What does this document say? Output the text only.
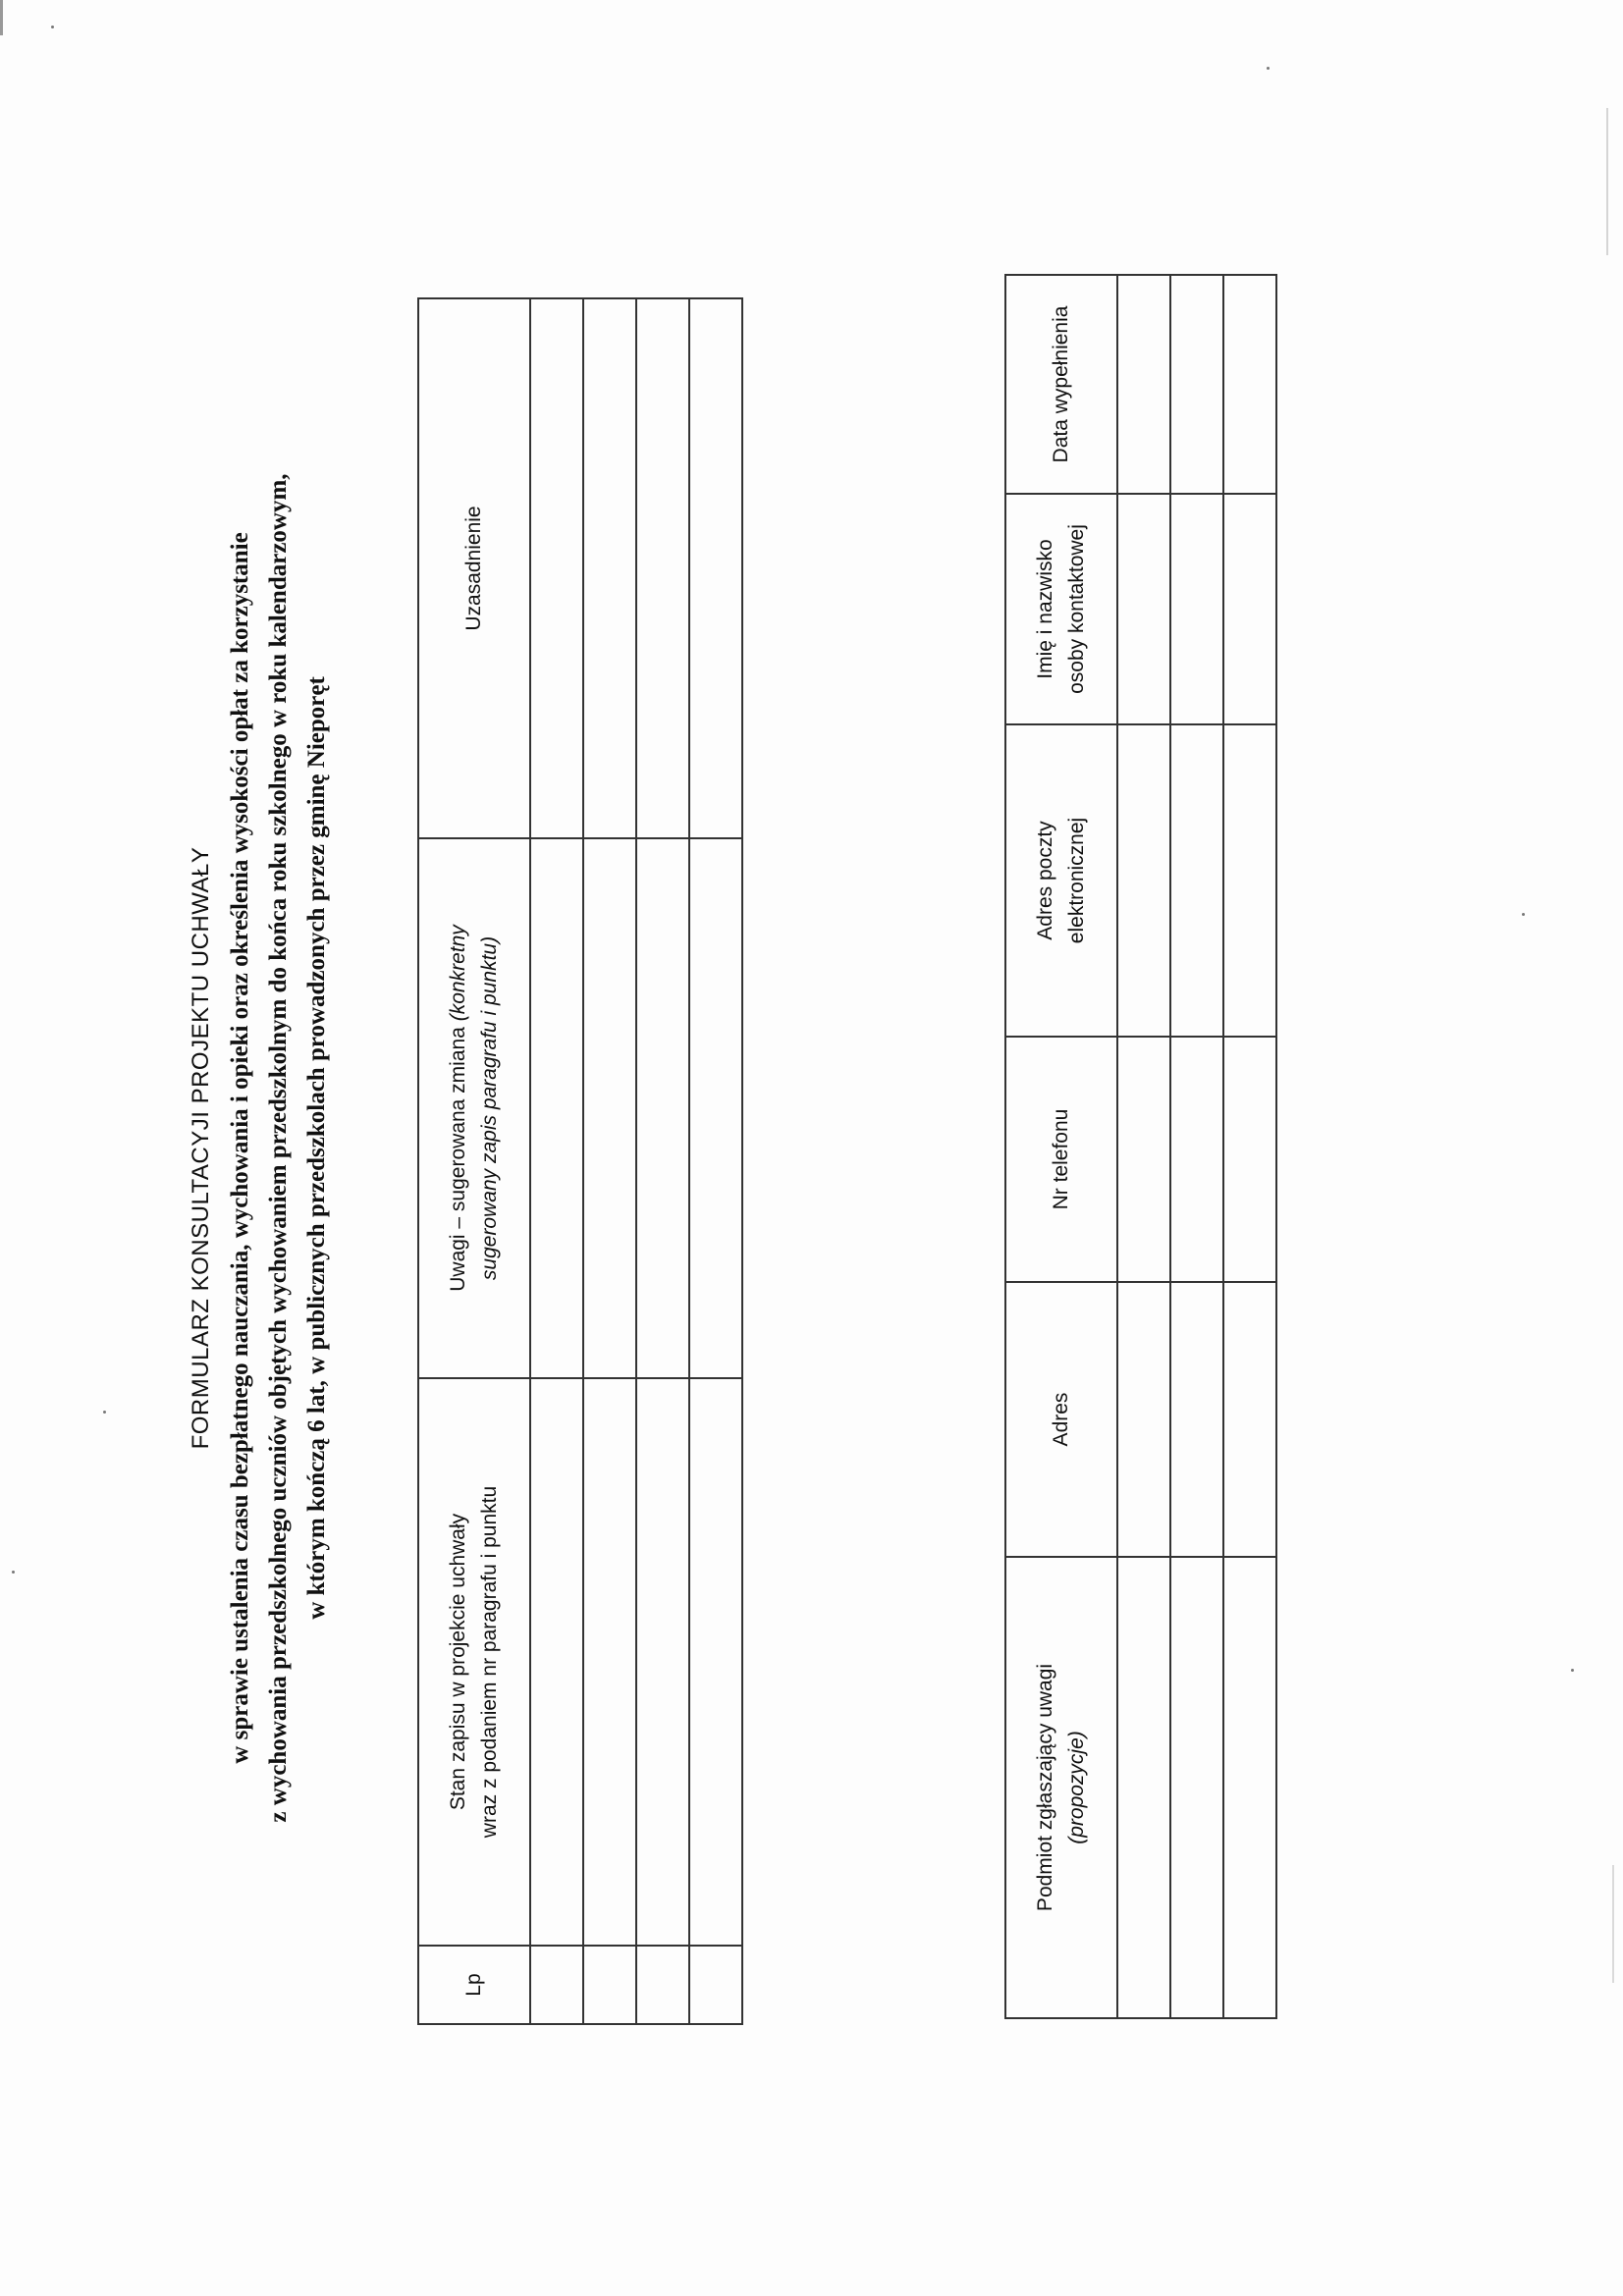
FORMULARZ KONSULTACYJI PROJEKTU UCHWAŁY w sprawie ustalenia czasu bezpłatnego nauczania, wychowania i opieki oraz określenia wysokości opłat za korzystanie z wychowania przedszkolnego uczniów objętych wychowaniem przedszkolnym do końca roku szkolnego w roku kalendarzowym, w którym kończą 6 lat, w publicznych przedszkolach prowadzonych przez gminę Nieporęt
Lp	Stan zapisu w projekcie uchwały wraz z podaniem nr paragrafu i punktu	Uwagi – sugerowana zmiana (konkretny sugerowany zapis paragrafu i punktu)	Uzasadnienie

Podmiot zgłaszający uwagi (propozycje)	Adres	Nr telefonu	Adres poczty elektronicznej	Imię i nazwisko osoby kontaktowej	Data wypełnienia
